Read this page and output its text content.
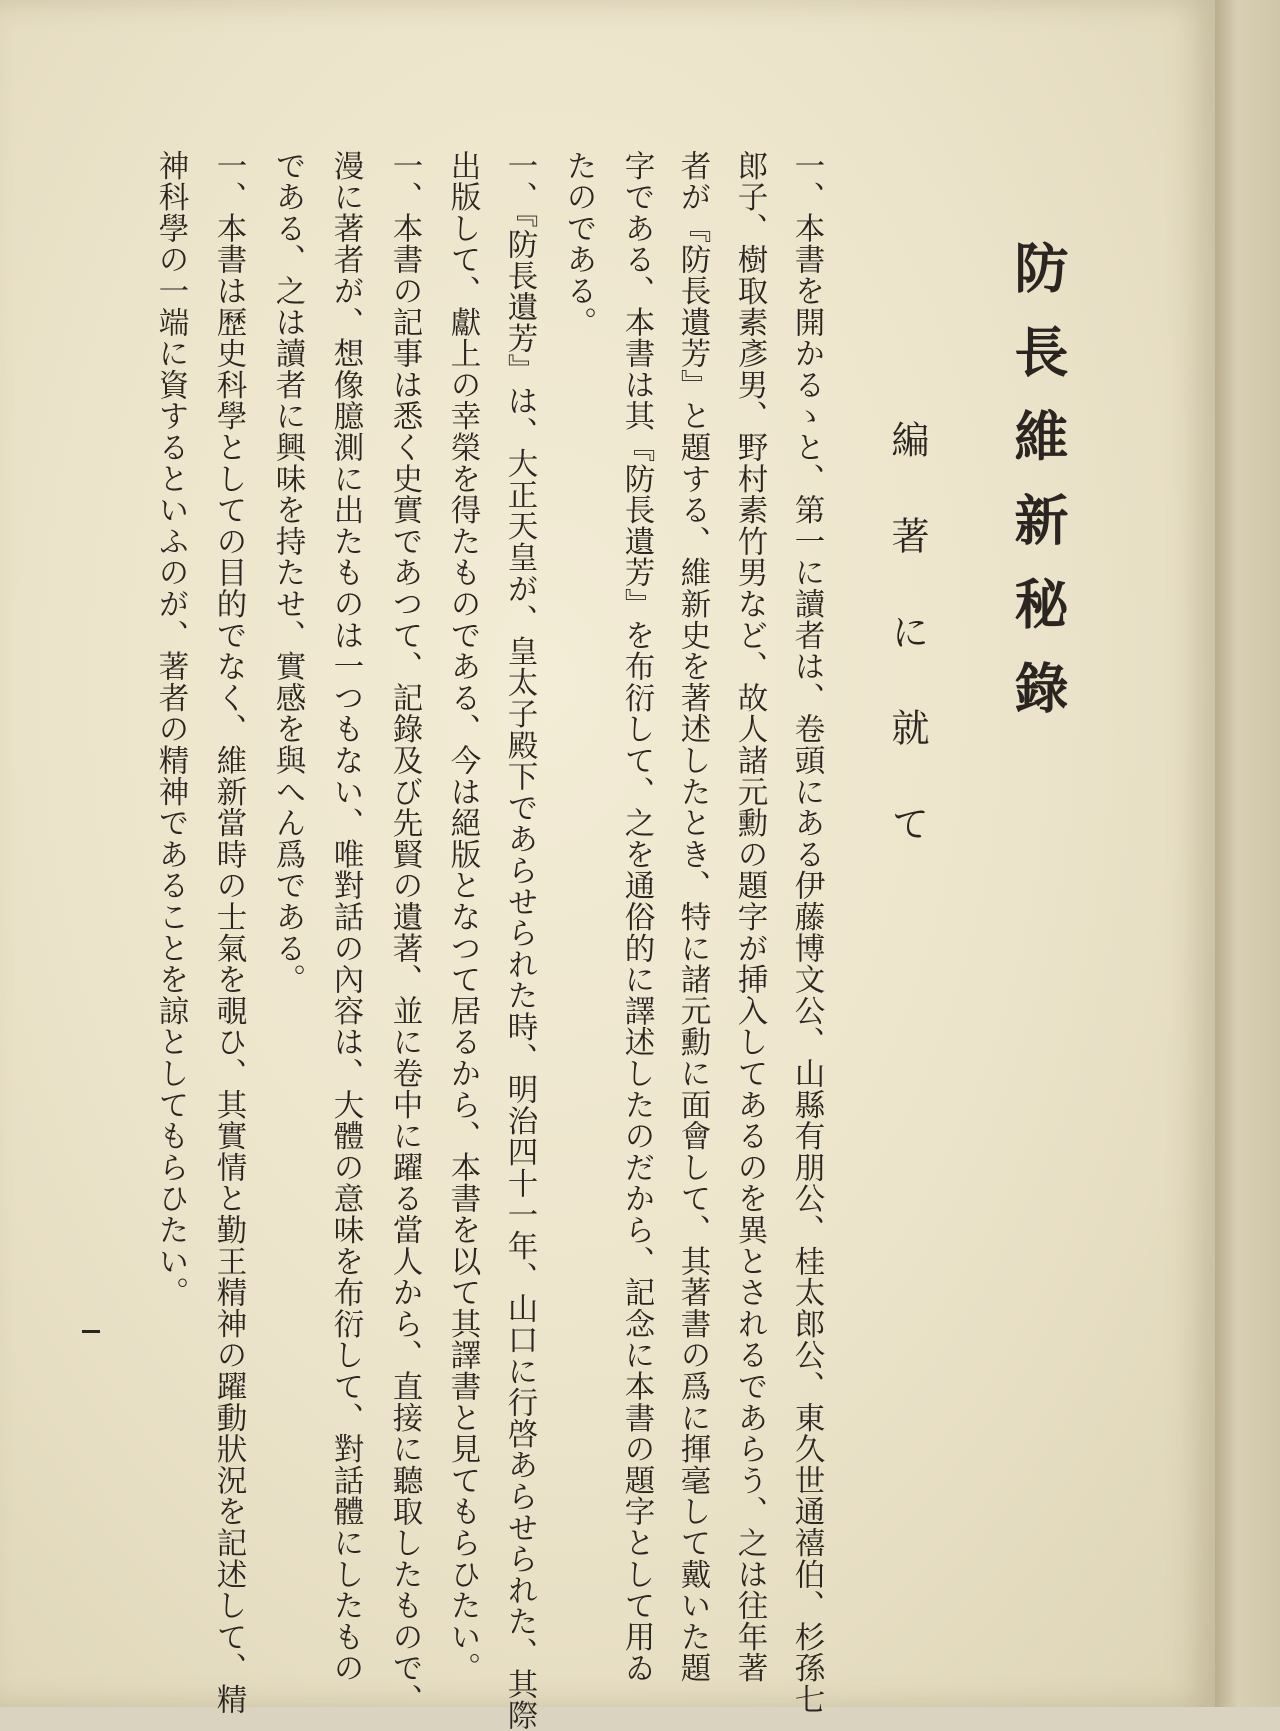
防長維新秘錄
編著に就て
一、本書を開かるゝと、第一に讀者は、卷頭にある伊藤博文公、山縣有朋公、桂太郎公、東久世通禧伯、杉孫七
郎子、樹取素彥男、野村素竹男など、故人諸元勳の題字が挿入してあるのを異とされるであらう、之は往年著
者が『防長遺芳』と題する、維新史を著述したとき、特に諸元勳に面會して、其著書の爲に揮毫して戴いた題
字である、本書は其『防長遺芳』を布衍して、之を通俗的に譯述したのだから、記念に本書の題字として用ゐ
たのである。
一、『防長遺芳』は、大正天皇が、皇太子殿下であらせられた時、明治四十一年、山口に行啓あらせられた、其際
出版して、獻上の幸榮を得たものである、今は絕版となつて居るから、本書を以て其譯書と見てもらひたい。
一、本書の記事は悉く史實であつて、記錄及び先賢の遺著、並に卷中に躍る當人から、直接に聽取したもので、
漫に著者が、想像臆測に出たものは一つもない、唯對話の內容は、大體の意味を布衍して、對話體にしたもの
である、之は讀者に興味を持たせ、實感を與へん爲である。
一、本書は歷史科學としての目的でなく、維新當時の士氣を覗ひ、其實情と勤王精神の躍動狀況を記述して、精
神科學の一端に資するといふのが、著者の精神であることを諒としてもらひたい。
